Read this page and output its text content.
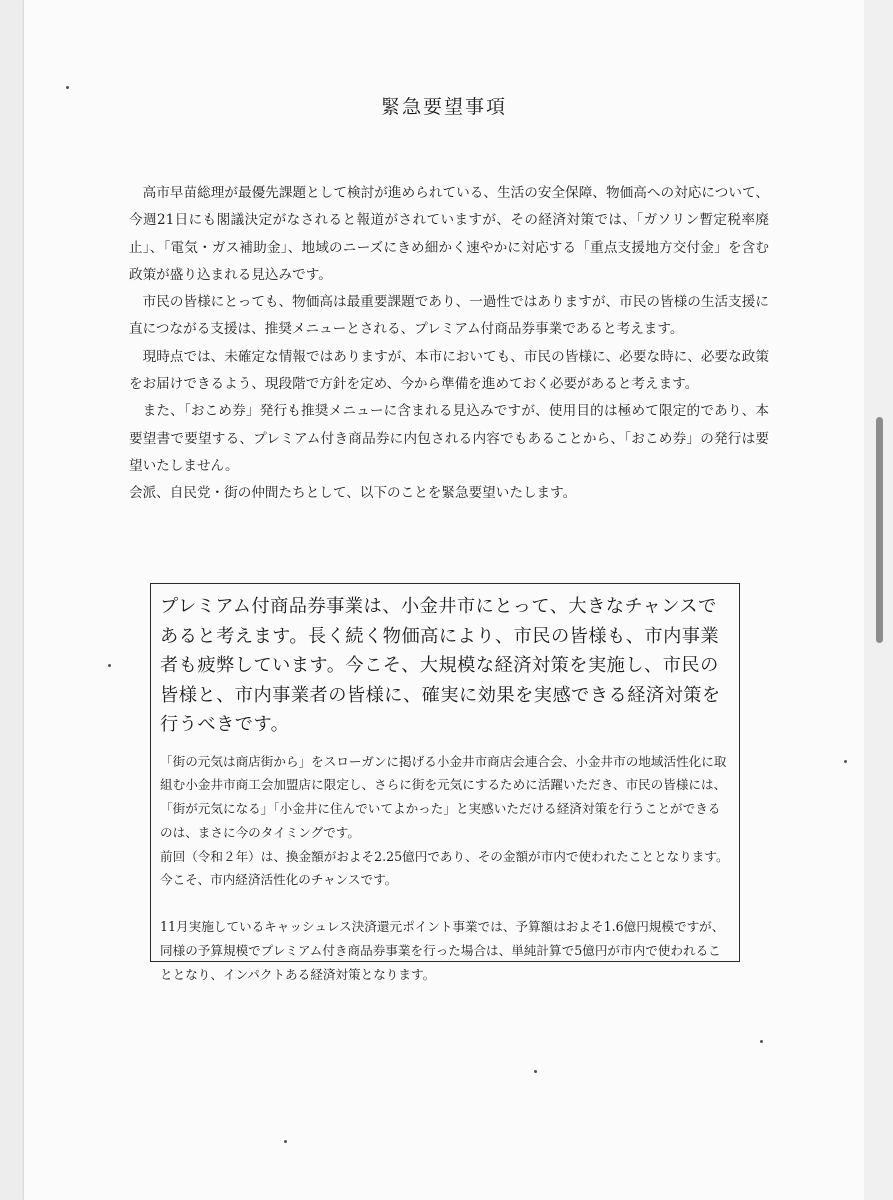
緊急要望事項

高市早苗総理が最優先課題として検討が進められている、生活の安全保障、物価高への対応について、今週21日にも閣議決定がなされると報道がされていますが、その経済対策では、「ガソリン暫定税率廃止」、「電気・ガス補助金」、地域のニーズにきめ細かく速やかに対応する「重点支援地方交付金」を含む政策が盛り込まれる見込みです。

市民の皆様にとっても、物価高は最重要課題であり、一過性ではありますが、市民の皆様の生活支援に直につながる支援は、推奨メニューとされる、プレミアム付商品券事業であると考えます。

現時点では、未確定な情報ではありますが、本市においても、市民の皆様に、必要な時に、必要な政策をお届けできるよう、現段階で方針を定め、今から準備を進めておく必要があると考えます。

また、「おこめ券」発行も推奨メニューに含まれる見込みですが、使用目的は極めて限定的であり、本要望書で要望する、プレミアム付き商品券に内包される内容でもあることから、「おこめ券」の発行は要望いたしません。

会派、自民党・街の仲間たちとして、以下のことを緊急要望いたします。

プレミアム付商品券事業は、小金井市にとって、大きなチャンスであると考えます。長く続く物価高により、市民の皆様も、市内事業者も疲弊しています。今こそ、大規模な経済対策を実施し、市民の皆様と、市内事業者の皆様に、確実に効果を実感できる経済対策を行うべきです。

「街の元気は商店街から」をスローガンに掲げる小金井市商店会連合会、小金井市の地域活性化に取組む小金井市商工会加盟店に限定し、さらに街を元気にするために活躍いただき、市民の皆様には、「街が元気になる」「小金井に住んでいてよかった」と実感いただける経済対策を行うことができるのは、まさに今のタイミングです。

前回（令和２年）は、換金額がおよそ2.25億円であり、その金額が市内で使われたこととなります。今こそ、市内経済活性化のチャンスです。

11月実施しているキャッシュレス決済還元ポイント事業では、予算額はおよそ1.6億円規模ですが、同様の予算規模でプレミアム付き商品券事業を行った場合は、単純計算で5億円が市内で使われることとなり、インパクトある経済対策となります。
